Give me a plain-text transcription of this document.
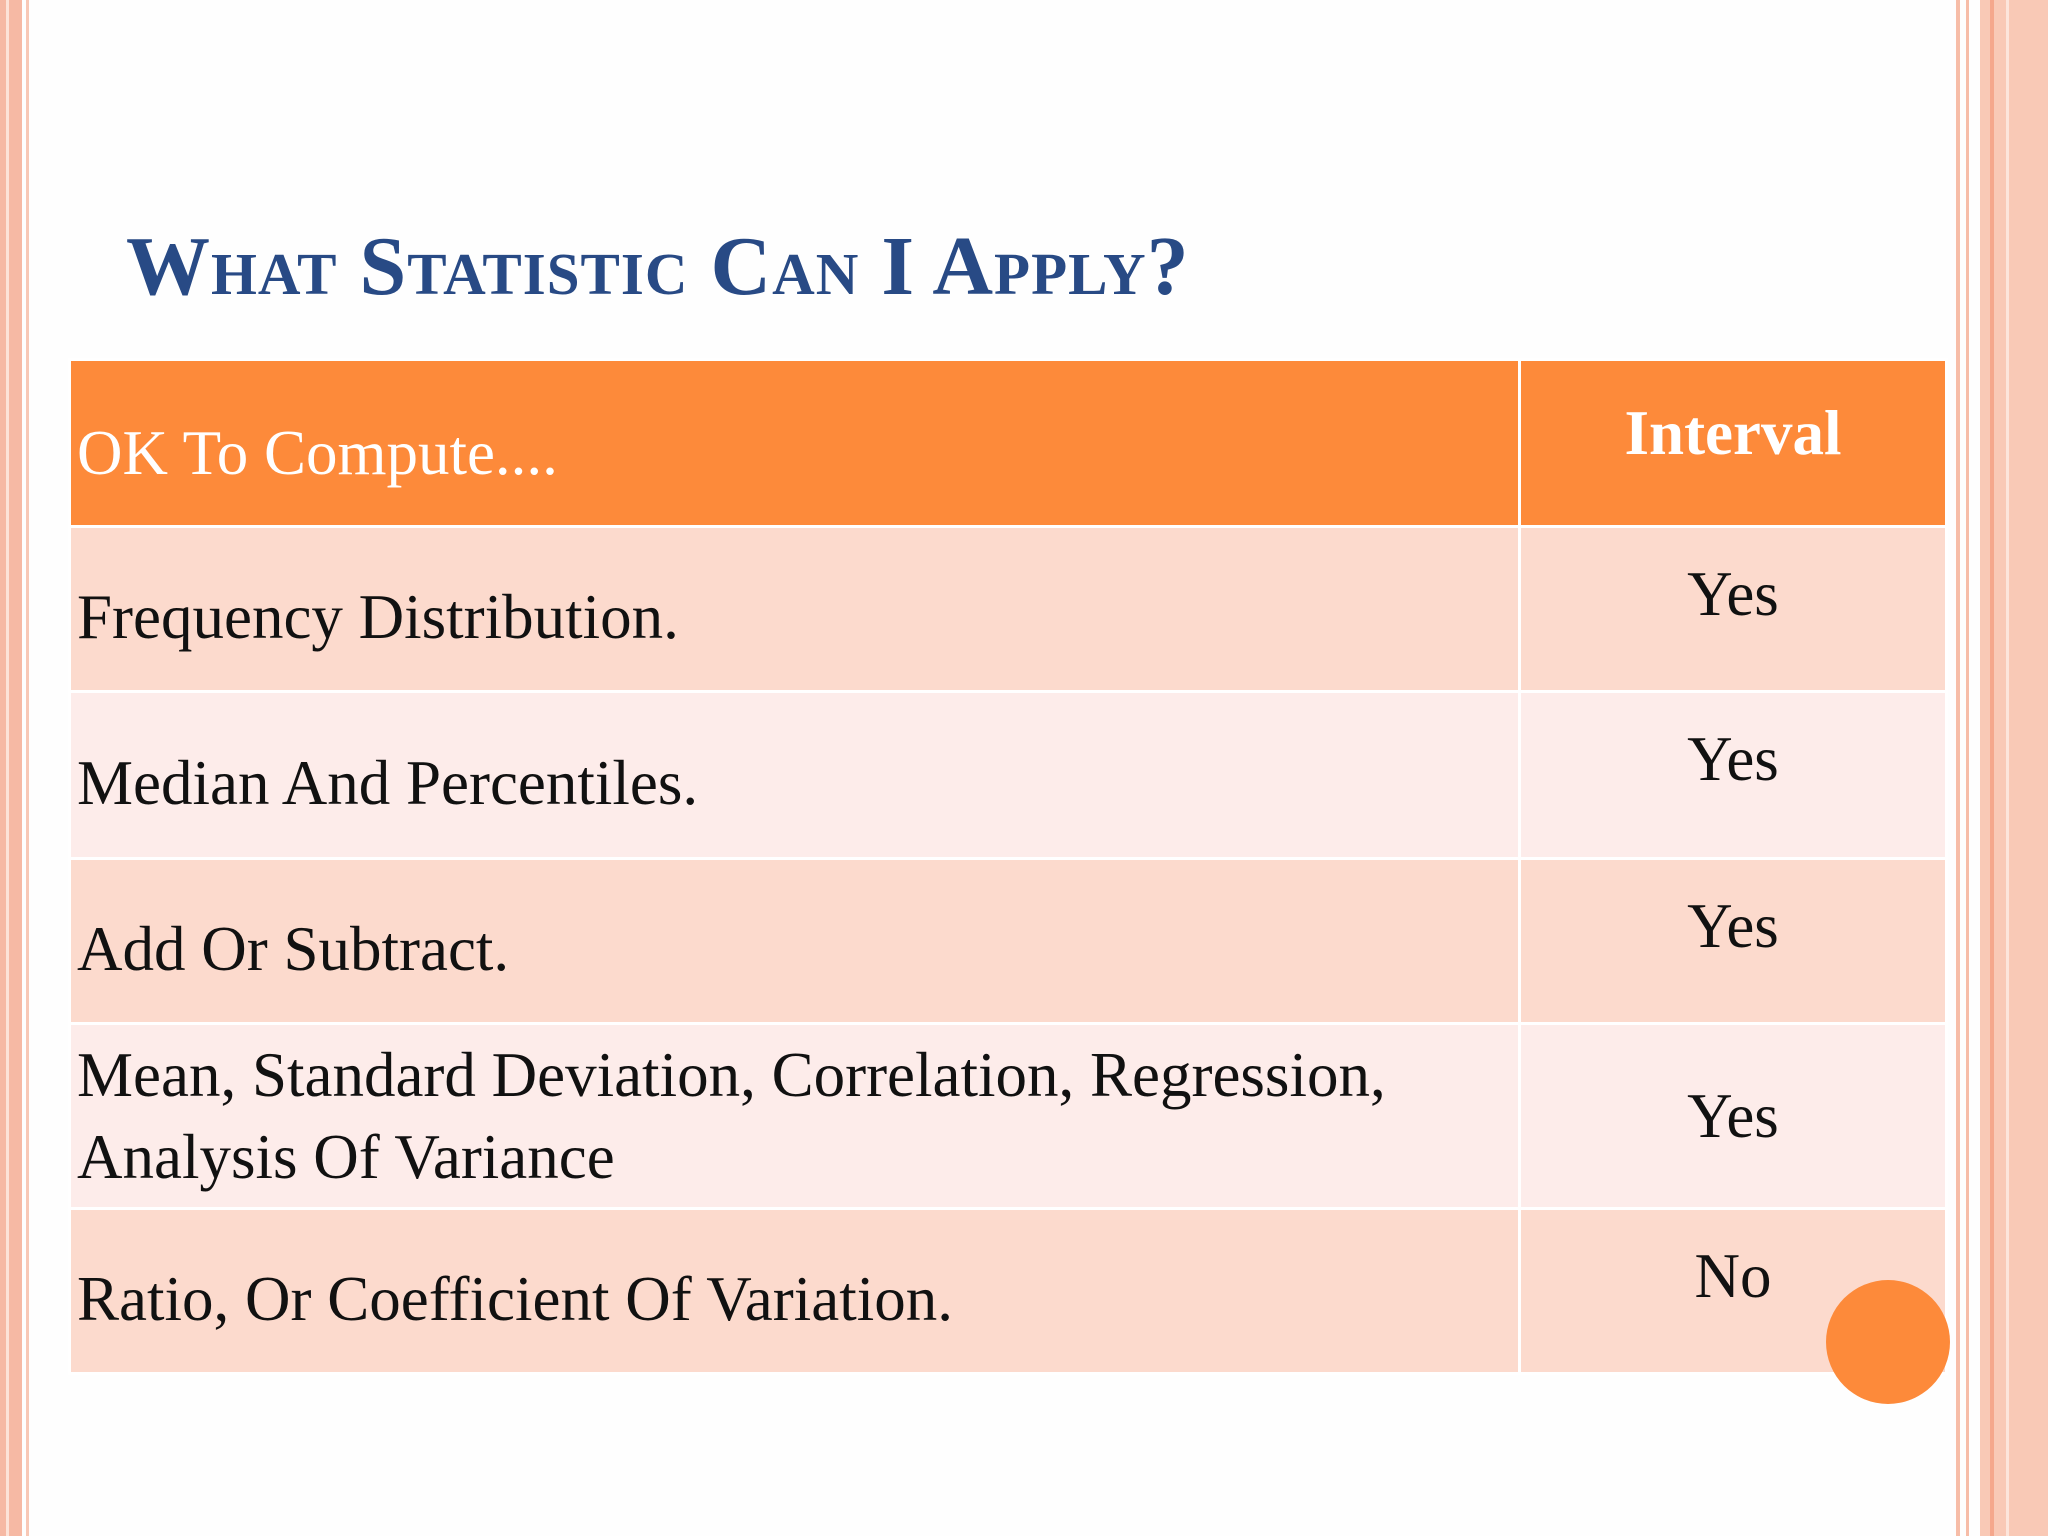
What Statistic Can I Apply?
OK To Compute....	Interval
Frequency Distribution.	Yes
Median And Percentiles.	Yes
Add Or Subtract.	Yes
Mean, Standard Deviation, Correlation, Regression, Analysis Of Variance	Yes
Ratio, Or Coefficient Of Variation.	No
